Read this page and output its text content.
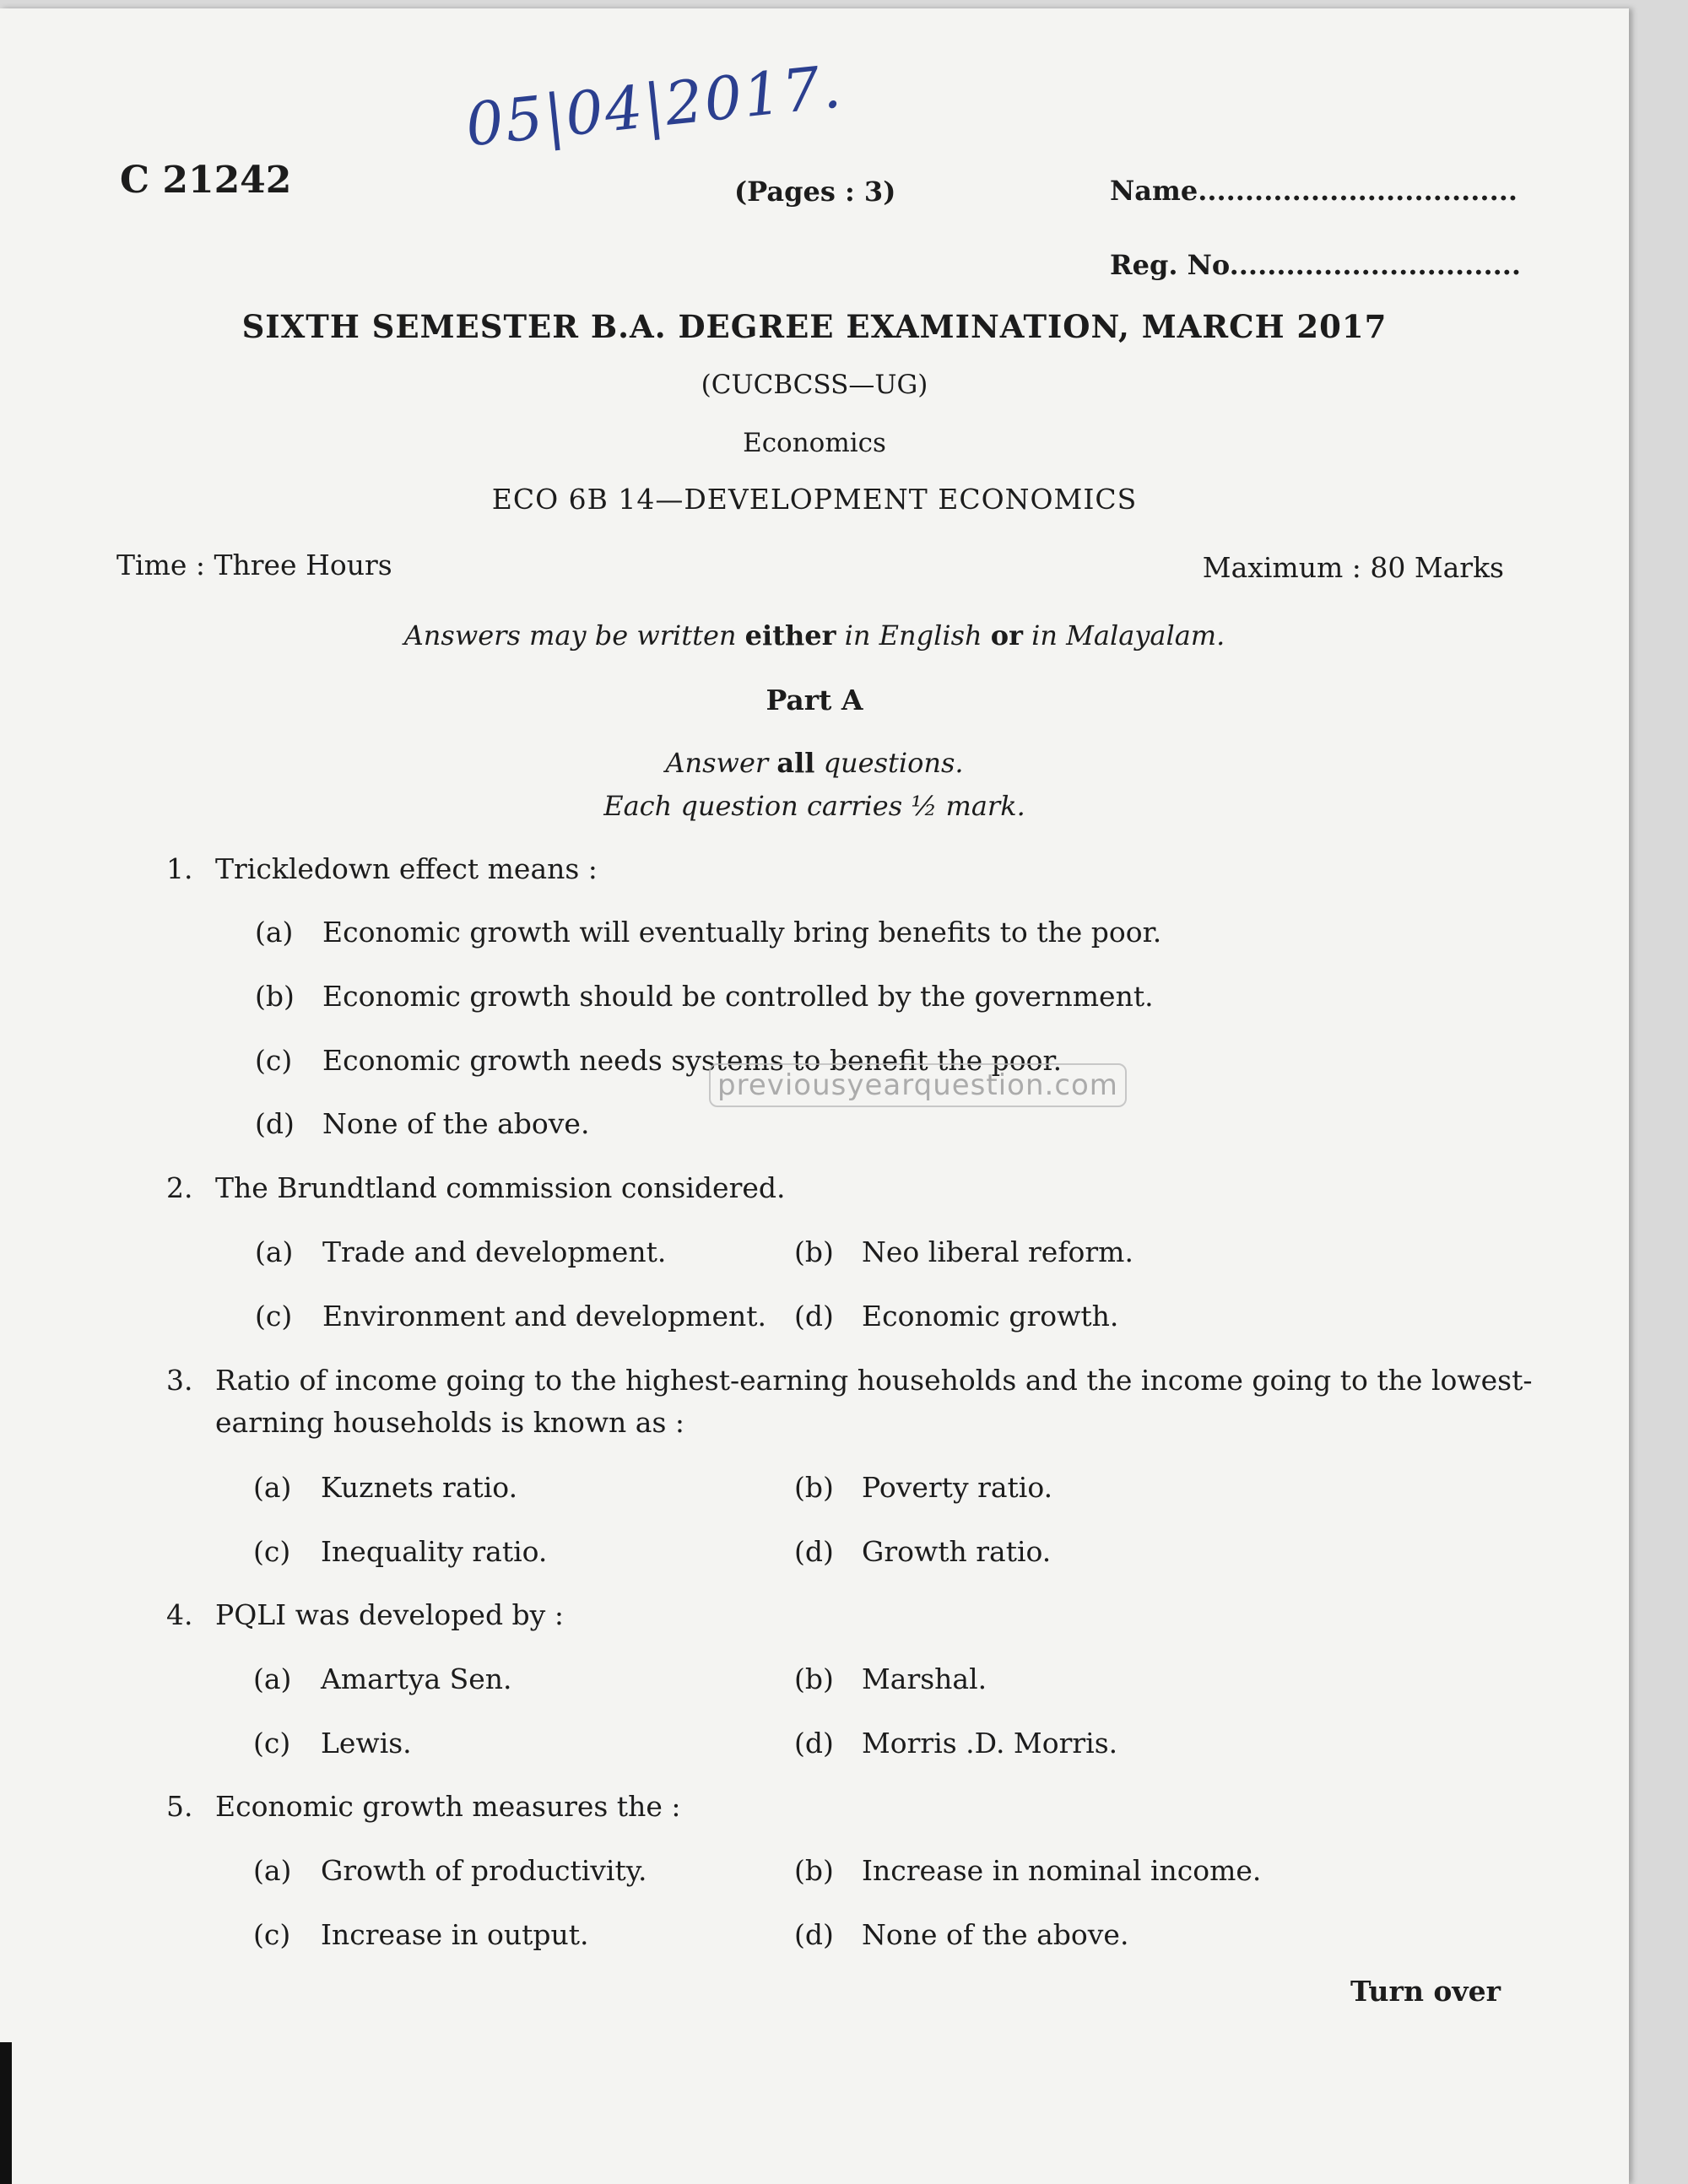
C 21242
05|04|2017.
(Pages : 3)	Name..................................
Reg. No...............................
SIXTH SEMESTER B.A. DEGREE EXAMINATION, MARCH 2017
(CUCBCSS—UG)
Economics
ECO 6B 14—DEVELOPMENT ECONOMICS
Time : Three Hours	Maximum : 80 Marks
Answers may be written either in English or in Malayalam.
Part A
Answer all questions.
Each question carries ½ mark.
1. Trickledown effect means :
(a) Economic growth will eventually bring benefits to the poor.
(b) Economic growth should be controlled by the government.
(c) Economic growth needs systems to benefit the poor.
(d) None of the above.
2. The Brundtland commission considered.
(a) Trade and development.	(b) Neo liberal reform.
(c) Environment and development. (d) Economic growth.
3. Ratio of income going to the highest-earning households and the income going to the lowest-
earning households is known as :
(a) Kuznets ratio.	(b) Poverty ratio.
(c) Inequality ratio.	(d) Growth ratio.
4. PQLI was developed by :
(a) Amartya Sen.	(b) Marshal.
(c) Lewis.	(d) Morris .D. Morris.
5. Economic growth measures the :
(a) Growth of productivity.	(b) Increase in nominal income.
(c) Increase in output.	(d) None of the above.
previousyearquestion.com
Turn over
